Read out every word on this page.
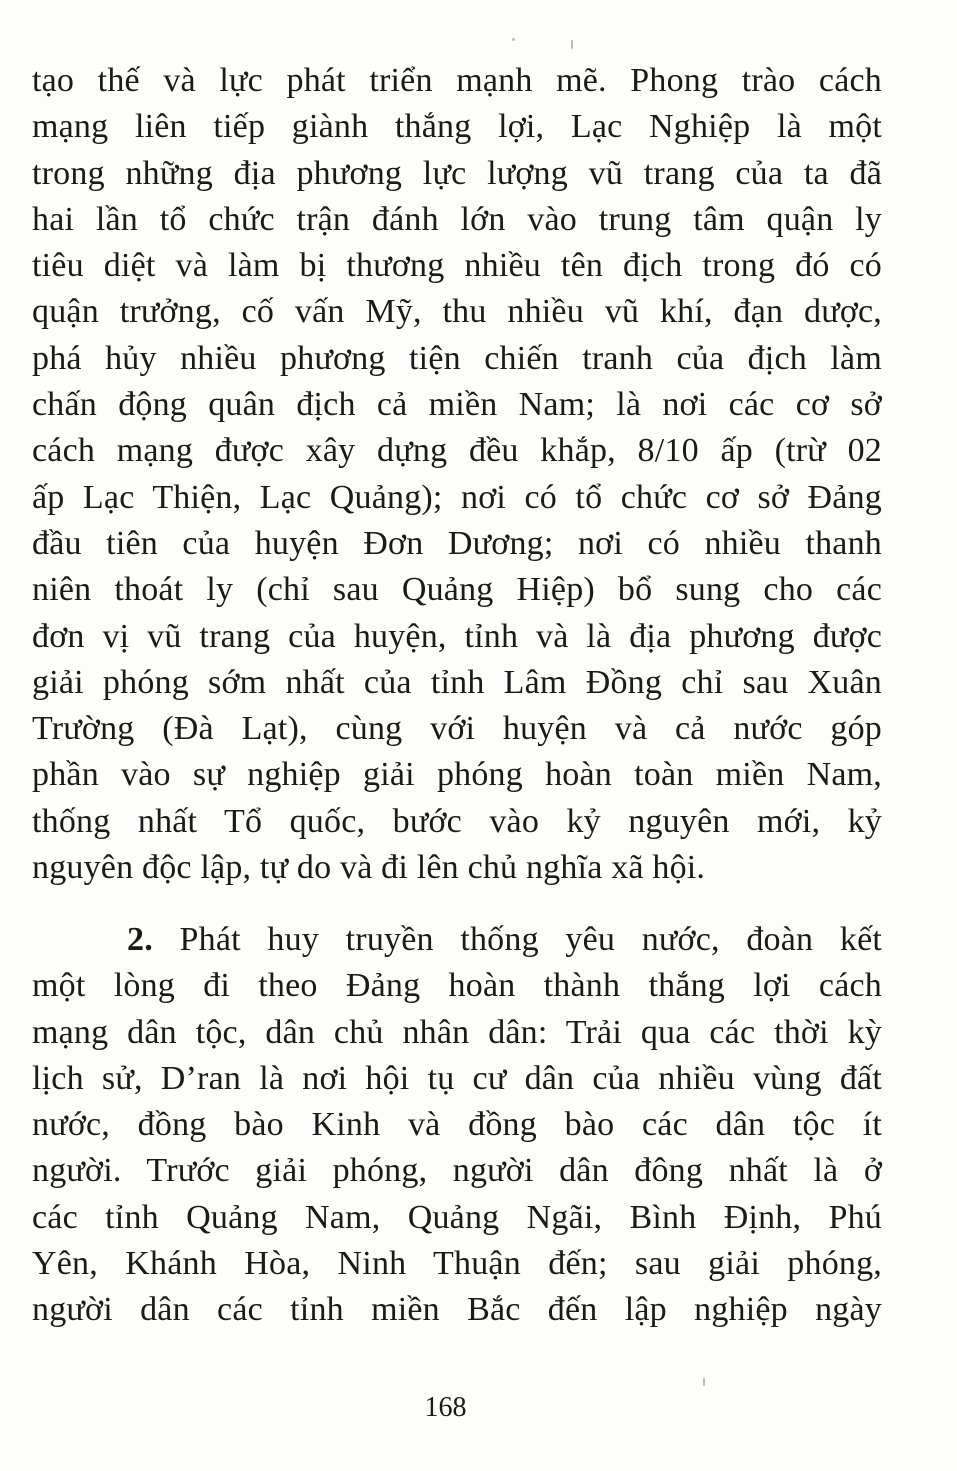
tạo thế và lực phát triển mạnh mẽ. Phong trào cách
mạng liên tiếp giành thắng lợi, Lạc Nghiệp là một
trong những địa phương lực lượng vũ trang của ta đã
hai lần tổ chức trận đánh lớn vào trung tâm quận ly
tiêu diệt và làm bị thương nhiều tên địch trong đó có
quận trưởng, cố vấn Mỹ, thu nhiều vũ khí, đạn dược,
phá hủy nhiều phương tiện chiến tranh của địch làm
chấn động quân địch cả miền Nam; là nơi các cơ sở
cách mạng được xây dựng đều khắp, 8/10 ấp (trừ 02
ấp Lạc Thiện, Lạc Quảng); nơi có tổ chức cơ sở Đảng
đầu tiên của huyện Đơn Dương; nơi có nhiều thanh
niên thoát ly (chỉ sau Quảng Hiệp) bổ sung cho các
đơn vị vũ trang của huyện, tỉnh và là địa phương được
giải phóng sớm nhất của tỉnh Lâm Đồng chỉ sau Xuân
Trường (Đà Lạt), cùng với huyện và cả nước góp
phần vào sự nghiệp giải phóng hoàn toàn miền Nam,
thống nhất Tổ quốc, bước vào kỷ nguyên mới, kỷ
nguyên độc lập, tự do và đi lên chủ nghĩa xã hội.
2. Phát huy truyền thống yêu nước, đoàn kết
một lòng đi theo Đảng hoàn thành thắng lợi cách
mạng dân tộc, dân chủ nhân dân: Trải qua các thời kỳ
lịch sử, D’ran là nơi hội tụ cư dân của nhiều vùng đất
nước, đồng bào Kinh và đồng bào các dân tộc ít
người. Trước giải phóng, người dân đông nhất là ở
các tỉnh Quảng Nam, Quảng Ngãi, Bình Định, Phú
Yên, Khánh Hòa, Ninh Thuận đến; sau giải phóng,
người dân các tỉnh miền Bắc đến lập nghiệp ngày
168
